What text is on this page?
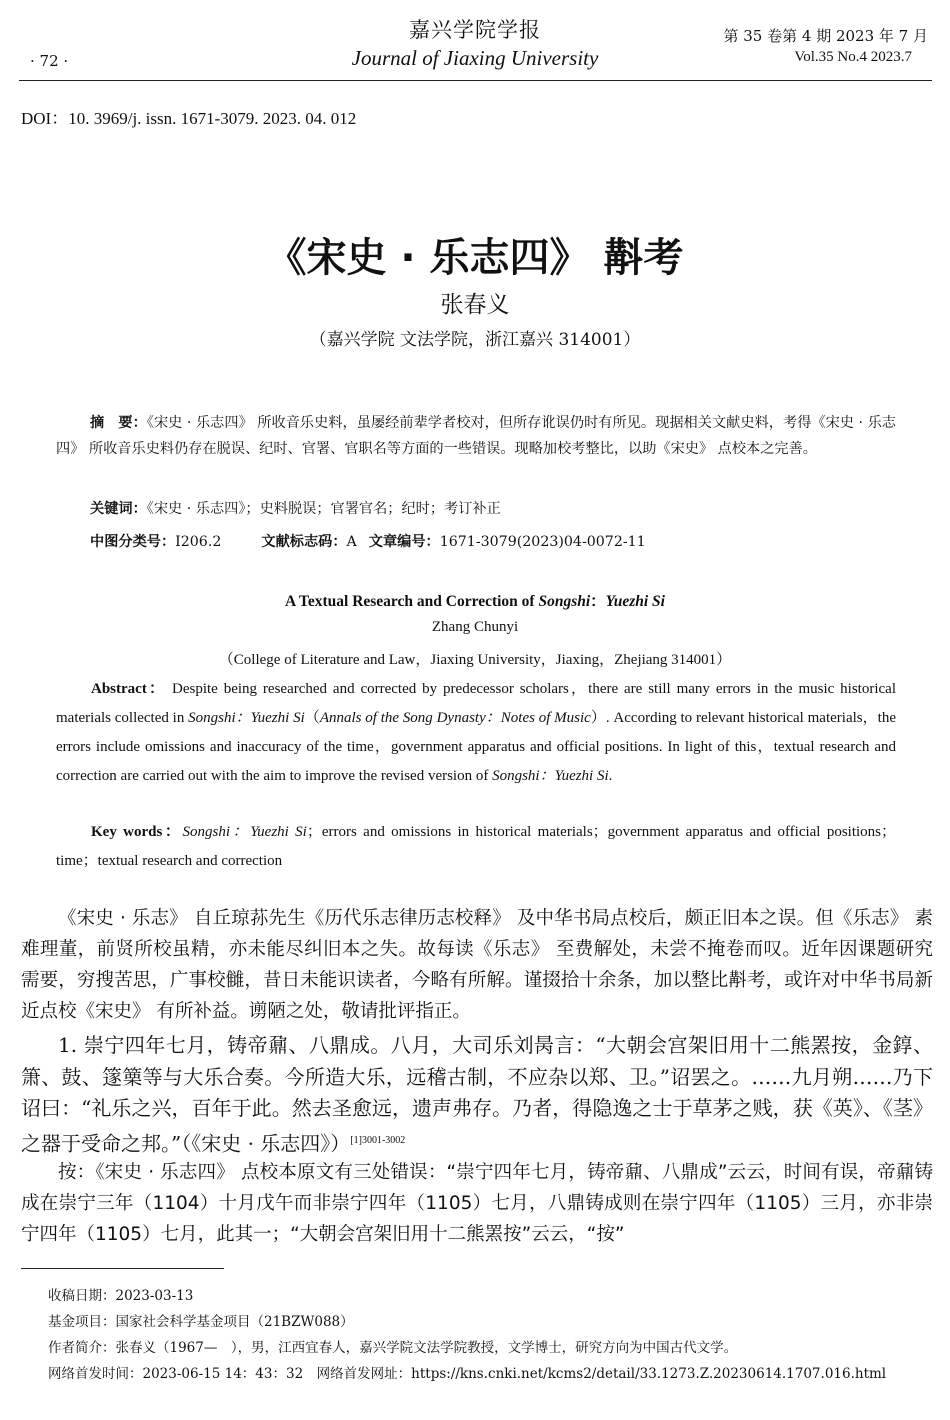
嘉兴学院学报
Journal of Jiaxing University
· 72 ·
第 35 卷第 4 期 2023 年 7 月
Vol.35 No.4 2023.7
DOI：10. 3969/j. issn. 1671-3079. 2023. 04. 012
《宋史 · 乐志四》 斠考
张春义
（嘉兴学院 文法学院，浙江嘉兴 314001）
摘　要：《宋史 · 乐志四》 所收音乐史料，虽屡经前辈学者校对，但所存讹误仍时有所见。现据相关文献史料，考得《宋史 · 乐志四》 所收音乐史料仍存在脱误、纪时、官署、官职名等方面的一些错误。现略加校考整比，以助《宋史》 点校本之完善。
关键词：《宋史 · 乐志四》；史料脱误；官署官名；纪时；考订补正
中图分类号：I206.2	文献标志码：A 文章编号：1671-3079(2023)04-0072-11
A Textual Research and Correction of Songshi：Yuezhi Si
Zhang Chunyi
（College of Literature and Law，Jiaxing University，Jiaxing，Zhejiang 314001）
Abstract： Despite being researched and corrected by predecessor scholars，there are still many errors in the music historical materials collected in Songshi：Yuezhi Si（Annals of the Song Dynasty：Notes of Music）. According to relevant historical materials，the errors include omissions and inaccuracy of the time，government apparatus and official positions. In light of this，textual research and correction are carried out with the aim to improve the revised version of Songshi：Yuezhi Si.
Key words：Songshi：Yuezhi Si；errors and omissions in historical materials；government apparatus and official positions；time；textual research and correction
《宋史 · 乐志》 自丘琼荪先生《历代乐志律历志校释》 及中华书局点校后，颇正旧本之误。但《乐志》 素难理董，前贤所校虽精，亦未能尽纠旧本之失。故每读《乐志》 至费解处，未尝不掩卷而叹。近年因课题研究需要，穷搜苦思，广事校雠，昔日未能识读者，今略有所解。谨掇拾十余条，加以整比斠考，或许对中华书局新近点校《宋史》 有所补益。谫陋之处，敬请批评指正。
1. 崇宁四年七月，铸帝鼐、八鼎成。八月，大司乐刘昺言：“大朝会宫架旧用十二熊罴按，金錞、箫、鼓、篴篥等与大乐合奏。今所造大乐，远稽古制，不应杂以郑、卫。”诏罢之。……九月朔……乃下诏曰：“礼乐之兴，百年于此。然去圣愈远，遗声弗存。乃者，得隐逸之士于草茅之贱，获《英》、《茎》 之器于受命之邦。”（《宋史 · 乐志四》）$^{[1]3001-3002}$
按：《宋史 · 乐志四》 点校本原文有三处错误：“崇宁四年七月，铸帝鼐、八鼎成”云云，时间有误，帝鼐铸成在崇宁三年（1104）十月戊午而非崇宁四年（1105）七月，八鼎铸成则在崇宁四年（1105）三月，亦非崇宁四年（1105）七月，此其一；“大朝会宫架旧用十二熊罴按”云云，“按”
收稿日期：2023-03-13
基金项目：国家社会科学基金项目（21BZW088）
作者简介：张春义（1967—　），男，江西宜春人，嘉兴学院文法学院教授，文学博士，研究方向为中国古代文学。
网络首发时间：2023-06-15 14：43：32　网络首发网址：https://kns.cnki.net/kcms2/detail/33.1273.Z.20230614.1707.016.html
